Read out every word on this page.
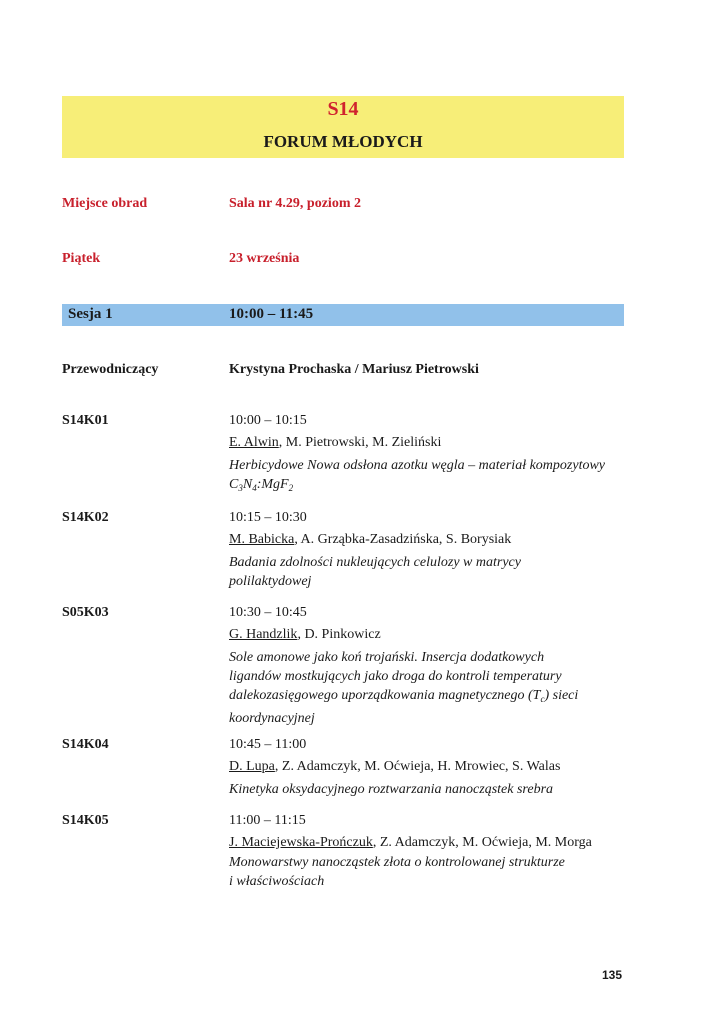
S14
FORUM MŁODYCH
Miejsce obrad	Sala nr 4.29, poziom 2
Piątek	23 września
Sesja 1	10:00 – 11:45
Przewodniczący	Krystyna Prochaska / Mariusz Pietrowski
S14K01	10:00 – 10:15
E. Alwin, M. Pietrowski, M. Zieliński
Herbicydowe Nowa odsłona azotku węgla – materiał kompozytowy
$C_3N_4:MgF_2$
S14K02	10:15 – 10:30
M. Babicka, A. Grząbka-Zasadzińska, S. Borysiak
Badania zdolności nukleujących celulozy w matrycy
polilaktydowej
S05K03	10:30 – 10:45
G. Handzlik, D. Pinkowicz
Sole amonowe jako koń trojański. Insercja dodatkowych
ligandów mostkujących jako droga do kontroli temperatury
dalekozasięgowego uporządkowania magnetycznego $(T_c)$ sieci
koordynacyjnej
S14K04	10:45 – 11:00
D. Lupa, Z. Adamczyk, M. Oćwieja, H. Mrowiec, S. Walas
Kinetyka oksydacyjnego roztwarzania nanocząstek srebra
S14K05	11:00 – 11:15
J. Maciejewska-Prończuk, Z. Adamczyk, M. Oćwieja, M. Morga
Monowarstwy nanocząstek złota o kontrolowanej strukturze
i właściwościach
135
